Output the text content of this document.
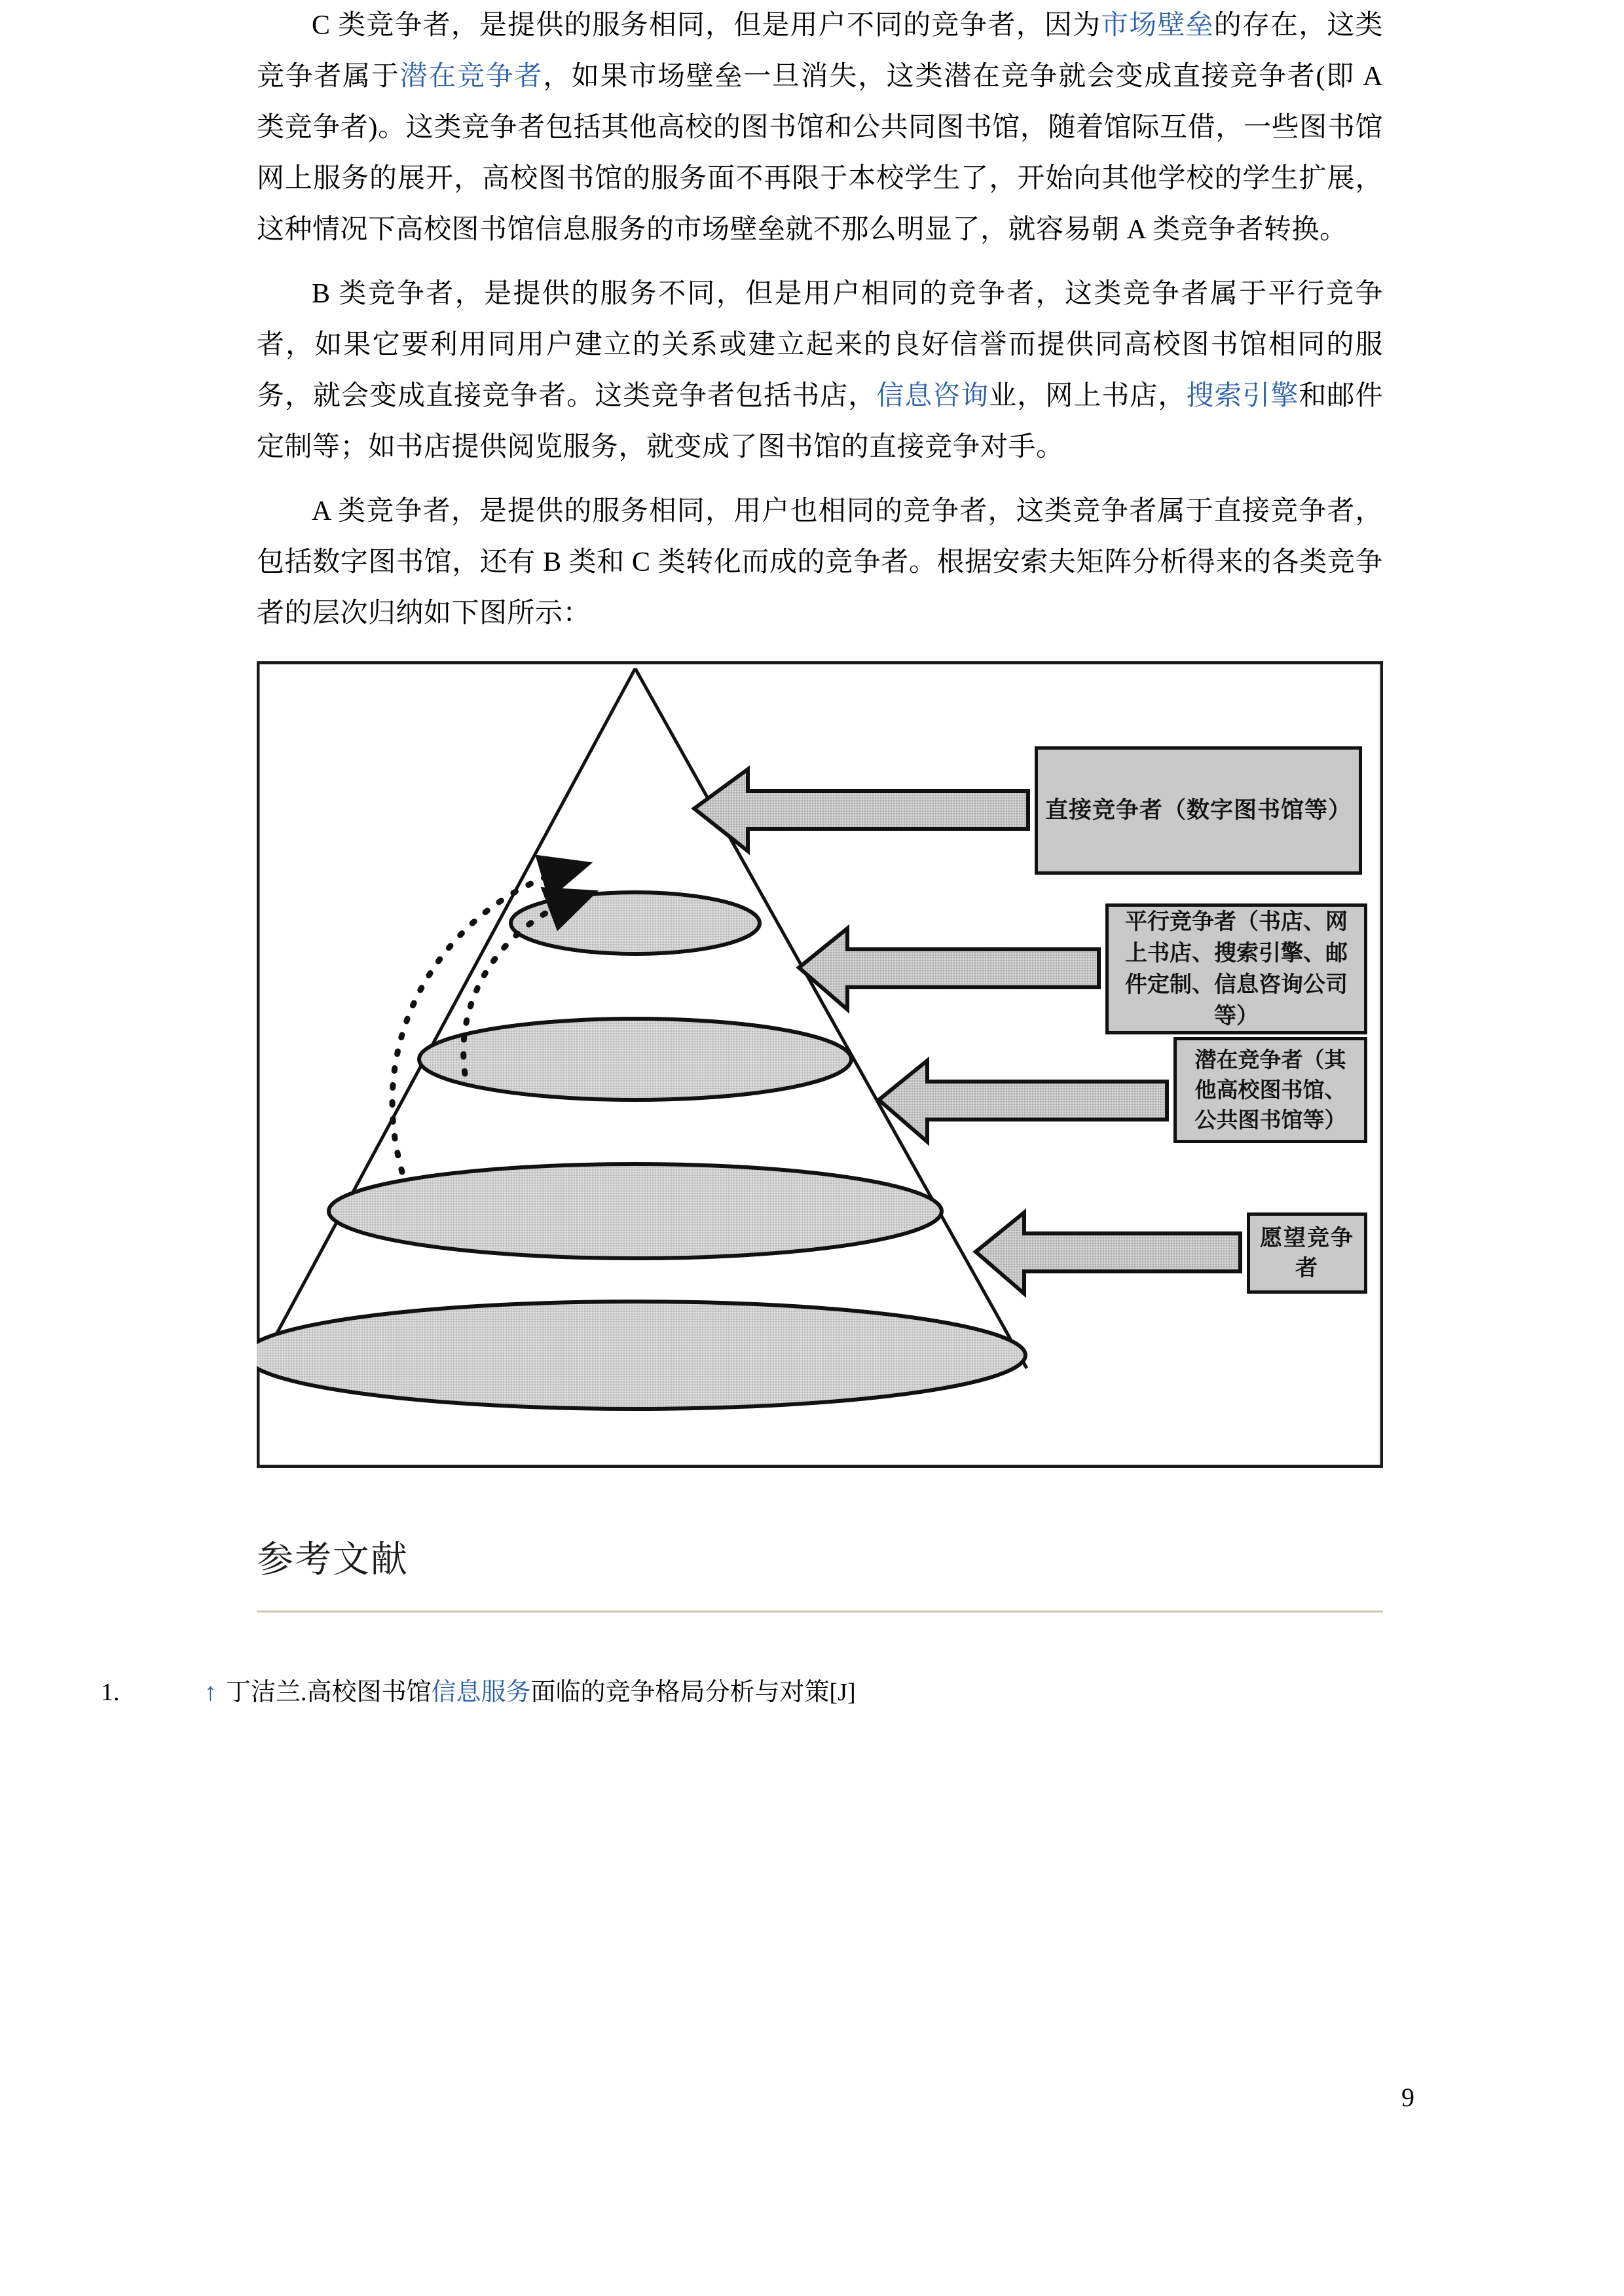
C 类竞争者，是提供的服务相同，但是用户不同的竞争者，因为市场壁垒的存在，这类竞争者属于潜在竞争者，如果市场壁垒一旦消失，这类潜在竞争就会变成直接竞争者(即 A 类竞争者)。这类竞争者包括其他高校的图书馆和公共同图书馆，随着馆际互借，一些图书馆网上服务的展开，高校图书馆的服务面不再限于本校学生了，开始向其他学校的学生扩展，这种情况下高校图书馆信息服务的市场壁垒就不那么明显了，就容易朝 A 类竞争者转换。

B 类竞争者，是提供的服务不同，但是用户相同的竞争者，这类竞争者属于平行竞争者，如果它要利用同用户建立的关系或建立起来的良好信誉而提供同高校图书馆相同的服务，就会变成直接竞争者。这类竞争者包括书店，信息咨询业，网上书店，搜索引擎和邮件定制等；如书店提供阅览服务，就变成了图书馆的直接竞争对手。

A 类竞争者，是提供的服务相同，用户也相同的竞争者，这类竞争者属于直接竞争者，包括数字图书馆，还有 B 类和 C 类转化而成的竞争者。根据安索夫矩阵分析得来的各类竞争者的层次归纳如下图所示：

直接竞争者（数字图书馆等）
平行竞争者（书店、网上书店、搜索引擎、邮件定制、信息咨询公司等）
潜在竞争者（其他高校图书馆、公共图书馆等）
愿望竞争者
参考文献
1.	↑ 丁洁兰.高校图书馆信息服务面临的竞争格局分析与对策[J]
9
